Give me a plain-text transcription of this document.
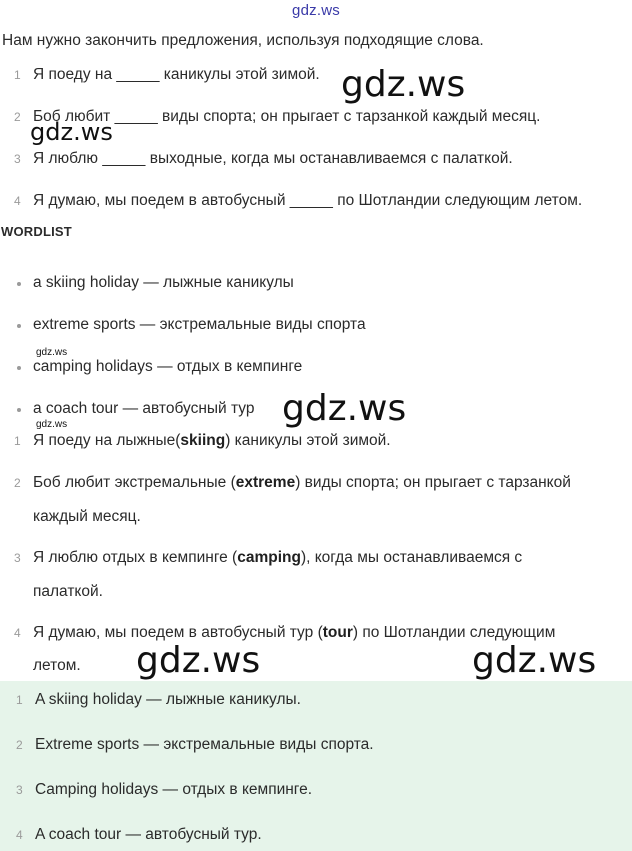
gdz.ws
Нам нужно закончить предложения, используя подходящие слова.
1 Я поеду на _____ каникулы этой зимой.
2 Боб любит _____ виды спорта; он прыгает с тарзанкой каждый месяц.
3 Я люблю _____ выходные, когда мы останавливаемся с палаткой.
4 Я думаю, мы поедем в автобусный _____ по Шотландии следующим летом.
WORDLIST
a skiing holiday — лыжные каникулы
extreme sports — экстремальные виды спорта
camping holidays — отдых в кемпинге
a coach tour — автобусный тур
1 Я поеду на лыжные(skiing) каникулы этой зимой.
2 Боб любит экстремальные (extreme) виды спорта; он прыгает с тарзанкой
каждый месяц.
3 Я люблю отдых в кемпинге (camping), когда мы останавливаемся с
палаткой.
4 Я думаю, мы поедем в автобусный тур (tour) по Шотландии следующим
летом.
1 A skiing holiday — лыжные каникулы.
2 Extreme sports — экстремальные виды спорта.
3 Camping holidays — отдых в кемпинге.
4 A coach tour — автобусный тур.
gdz.ws
gdz.ws
gdz.ws
gdz.ws
gdz.ws
gdz.ws	gdz.ws
